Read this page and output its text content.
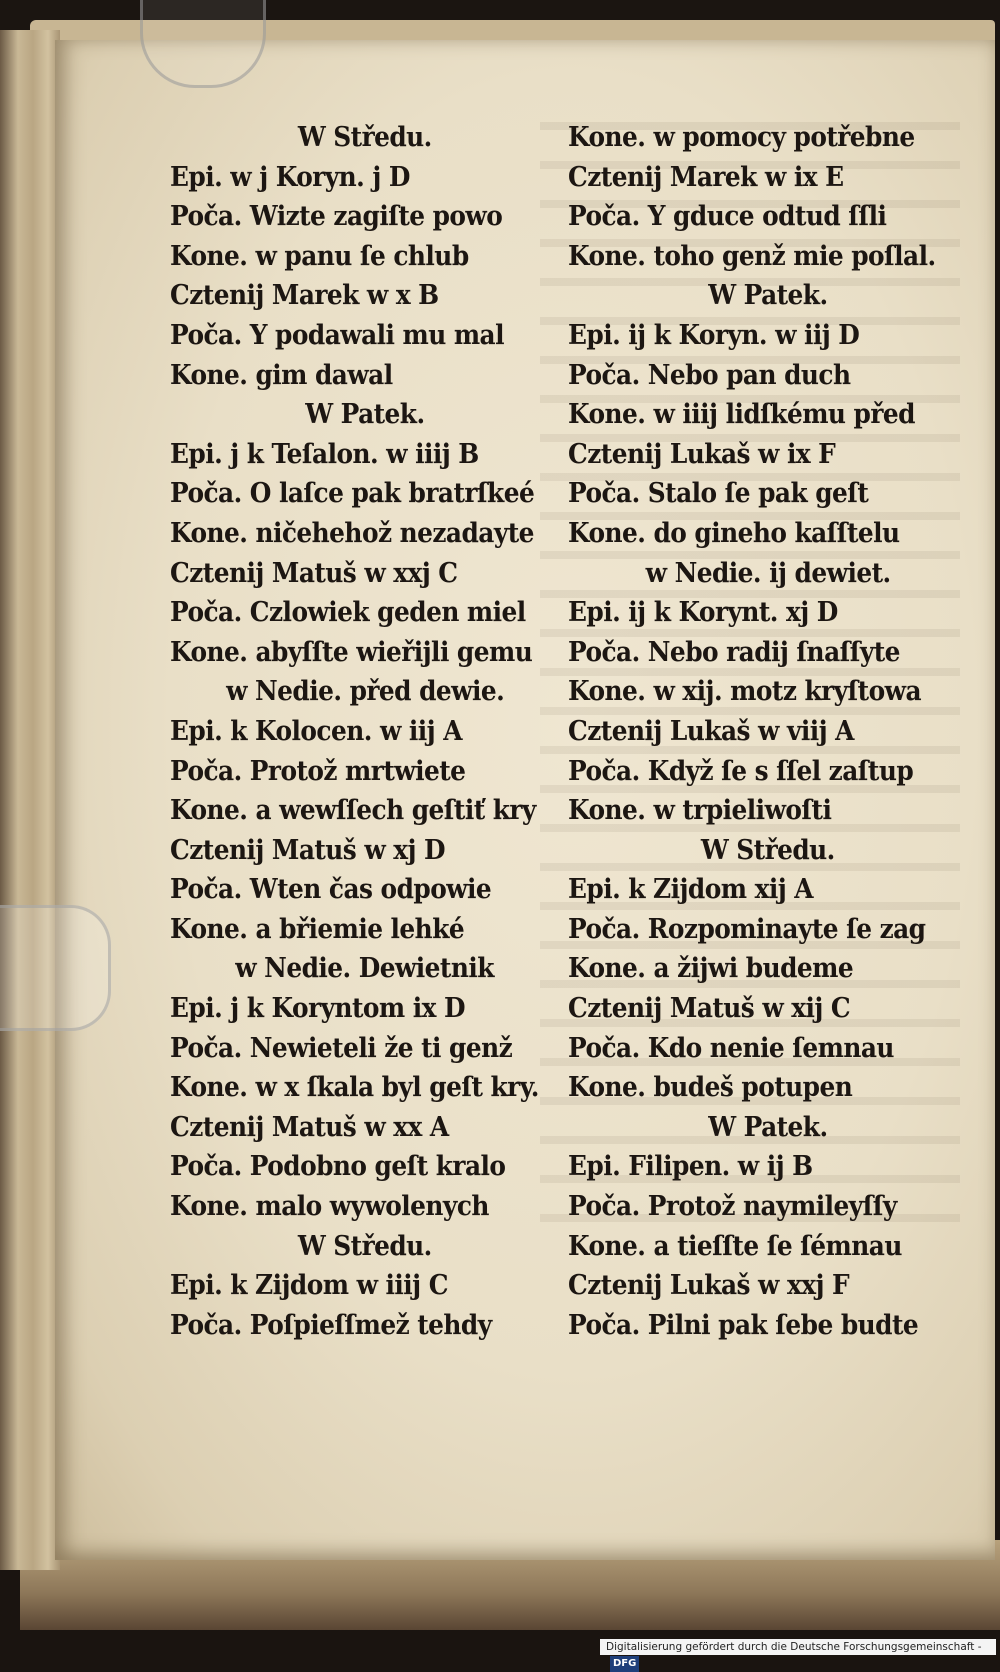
W Středu.
Epi. w j Koryn. j D
Poča. Wizte zagiſte powo
Kone. w panu ſe chlub
Cztenij Marek w x B
Poča. Y podawali mu mal
Kone. gim dawal
W Patek.
Epi. j k Teſalon. w iiij B
Poča. O laſce pak bratrſkeé
Kone. ničehehož nezadayte
Cztenij Matuš w xxj C
Poča. Czlowiek geden miel
Kone. abyſſte wieřijli gemu
w Nedie. před dewie.
Epi. k Kolocen. w iij A
Poča. Protož mrtwiete
Kone. a wewſſech geſtiť kry
Cztenij Matuš w xj D
Poča. Wten čas odpowie
Kone. a břiemie lehké
w Nedie. Dewietnik
Epi. j k Koryntom ix D
Poča. Newieteli že ti genž
Kone. w x ſkala byl geſt kry.
Cztenij Matuš w xx A
Poča. Podobno geſt kralo
Kone. malo wywolenych
W Středu.
Epi. k Zijdom w iiij C
Poča. Poſpieſſmež tehdy
Kone. w pomocy potřebne
Cztenij Marek w ix E
Poča. Y gduce odtud ſſli
Kone. toho genž mie poſlal.
W Patek.
Epi. ij k Koryn. w iij D
Poča. Nebo pan duch
Kone. w iiij lidſkému před
Cztenij Lukaš w ix F
Poča. Stalo ſe pak geſt
Kone. do gineho kaſſtelu
w Nedie. ij dewiet.
Epi. ij k Korynt. xj D
Poča. Nebo radij ſnaſſyte
Kone. w xij. motz kryſtowa
Cztenij Lukaš w viij A
Poča. Když ſe s ſſel zaſtup
Kone. w trpieliwoſti
W Středu.
Epi. k Zijdom xij A
Poča. Rozpominayte ſe zag
Kone. a žijwi budeme
Cztenij Matuš w xij C
Poča. Kdo nenie ſemnau
Kone. budeš potupen
W Patek.
Epi. Filipen. w ij B
Poča. Protož naymileyſſy
Kone. a tieſſte ſe ſémnau
Cztenij Lukaš w xxj F
Poča. Pilni pak ſebe budte
Digitalisierung gefördert durch die Deutsche Forschungsgemeinschaft -DFG
